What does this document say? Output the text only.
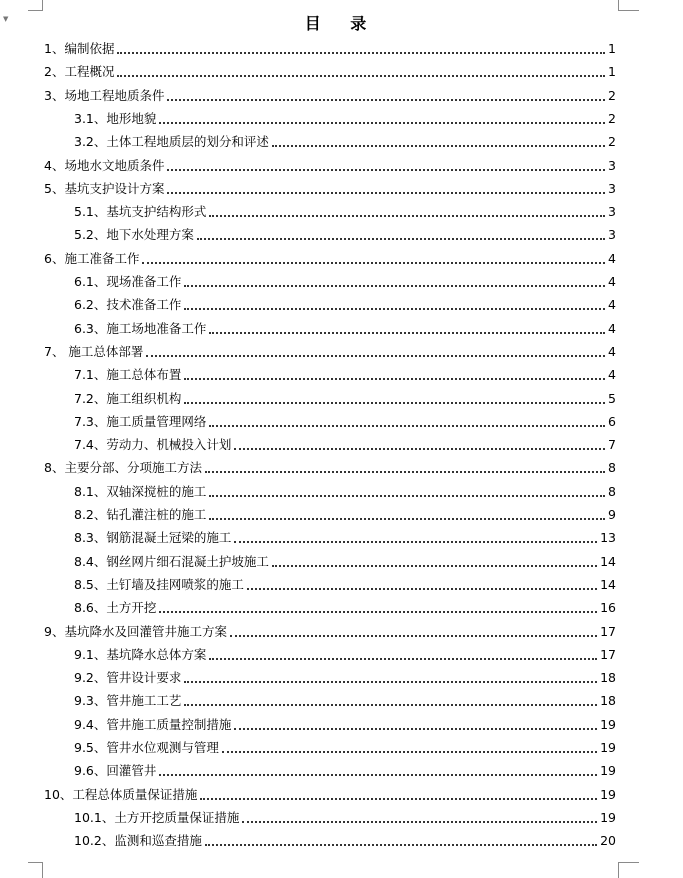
▼	目 录
1、编制依据	1
2、工程概况	1
3、场地工程地质条件	2
3.1、地形地貌	2
3.2、土体工程地质层的划分和评述	2
4、场地水文地质条件	3
5、基坑支护设计方案	3
5.1、基坑支护结构形式	3
5.2、地下水处理方案	3
6、施工准备工作	4
6.1、现场准备工作	4
6.2、技术准备工作	4
6.3、施工场地准备工作	4
7、 施工总体部署	4
7.1、施工总体布置	4
7.2、施工组织机构	5
7.3、施工质量管理网络	6
7.4、劳动力、机械投入计划	7
8、主要分部、分项施工方法	8
8.1、双轴深搅桩的施工	8
8.2、钻孔灌注桩的施工	9
8.3、钢筋混凝土冠梁的施工	13
8.4、钢丝网片细石混凝土护坡施工	14
8.5、土钉墙及挂网喷浆的施工	14
8.6、土方开挖	16
9、基坑降水及回灌管井施工方案	17
9.1、基坑降水总体方案	17
9.2、管井设计要求	18
9.3、管井施工工艺	18
9.4、管井施工质量控制措施	19
9.5、管井水位观测与管理	19
9.6、回灌管井	19
10、工程总体质量保证措施	19
10.1、土方开挖质量保证措施	19
10.2、监测和巡查措施	20
